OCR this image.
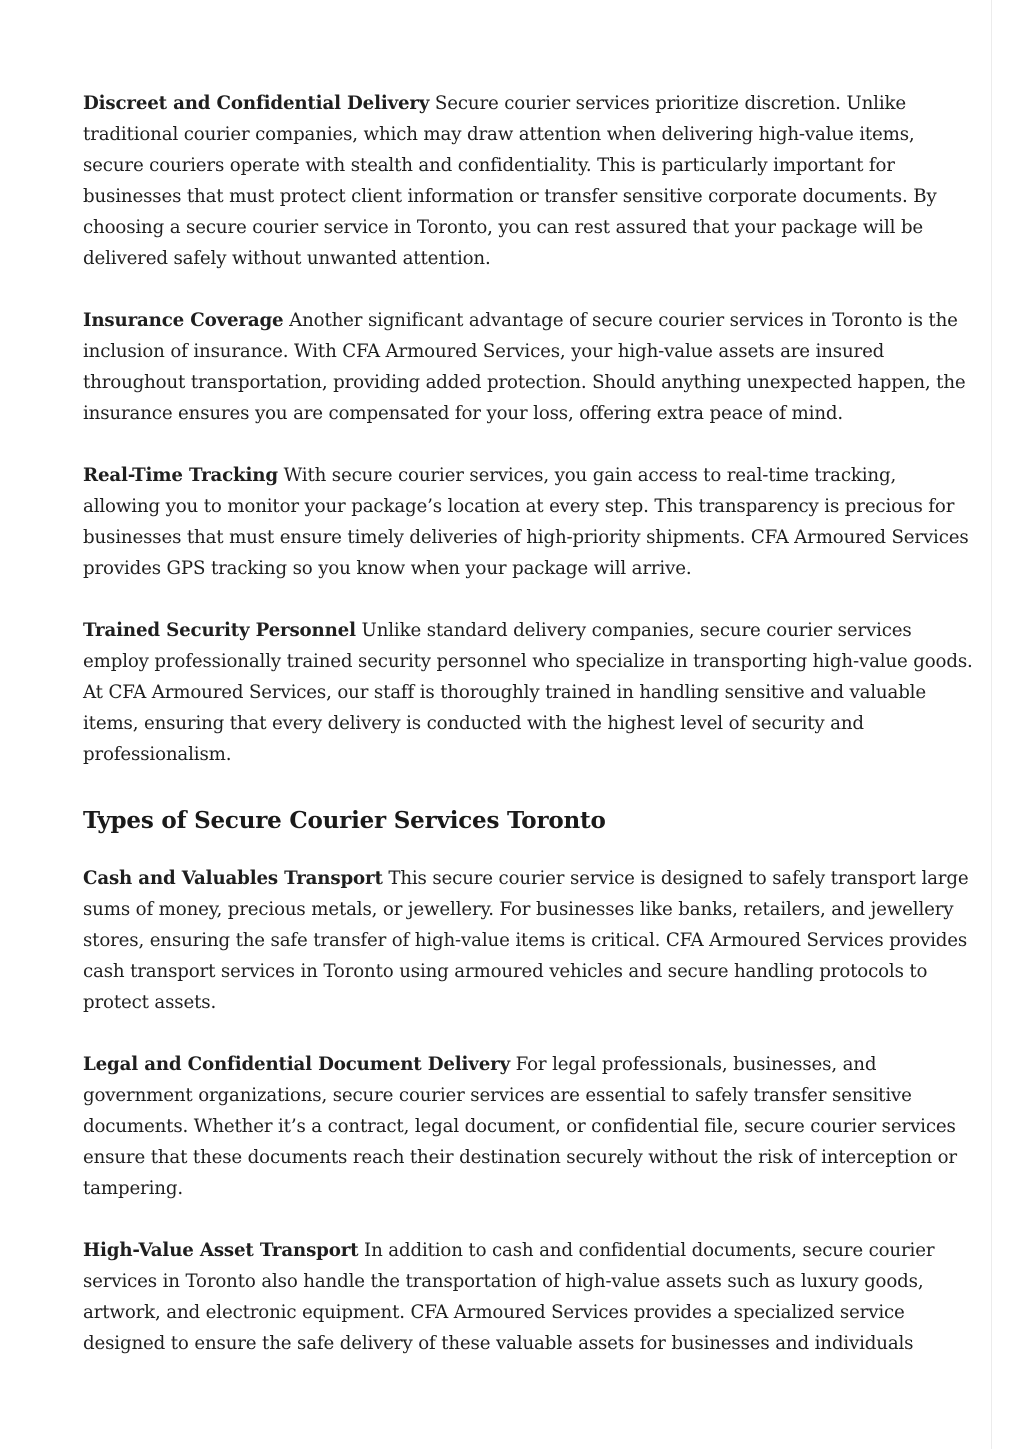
Discreet and Confidential Delivery Secure courier services prioritize discretion. Unlike traditional courier companies, which may draw attention when delivering high-value items, secure couriers operate with stealth and confidentiality. This is particularly important for businesses that must protect client information or transfer sensitive corporate documents. By choosing a secure courier service in Toronto, you can rest assured that your package will be delivered safely without unwanted attention.

Insurance Coverage Another significant advantage of secure courier services in Toronto is the inclusion of insurance. With CFA Armoured Services, your high-value assets are insured throughout transportation, providing added protection. Should anything unexpected happen, the insurance ensures you are compensated for your loss, offering extra peace of mind.

Real-Time Tracking With secure courier services, you gain access to real-time tracking, allowing you to monitor your package’s location at every step. This transparency is precious for businesses that must ensure timely deliveries of high-priority shipments. CFA Armoured Services provides GPS tracking so you know when your package will arrive.

Trained Security Personnel Unlike standard delivery companies, secure courier services employ professionally trained security personnel who specialize in transporting high-value goods. At CFA Armoured Services, our staff is thoroughly trained in handling sensitive and valuable items, ensuring that every delivery is conducted with the highest level of security and professionalism.

Types of Secure Courier Services Toronto

Cash and Valuables Transport This secure courier service is designed to safely transport large sums of money, precious metals, or jewellery. For businesses like banks, retailers, and jewellery stores, ensuring the safe transfer of high-value items is critical. CFA Armoured Services provides cash transport services in Toronto using armoured vehicles and secure handling protocols to protect assets.

Legal and Confidential Document Delivery For legal professionals, businesses, and government organizations, secure courier services are essential to safely transfer sensitive documents. Whether it’s a contract, legal document, or confidential file, secure courier services ensure that these documents reach their destination securely without the risk of interception or tampering.

High-Value Asset Transport In addition to cash and confidential documents, secure courier services in Toronto also handle the transportation of high-value assets such as luxury goods, artwork, and electronic equipment. CFA Armoured Services provides a specialized service designed to ensure the safe delivery of these valuable assets for businesses and individuals
